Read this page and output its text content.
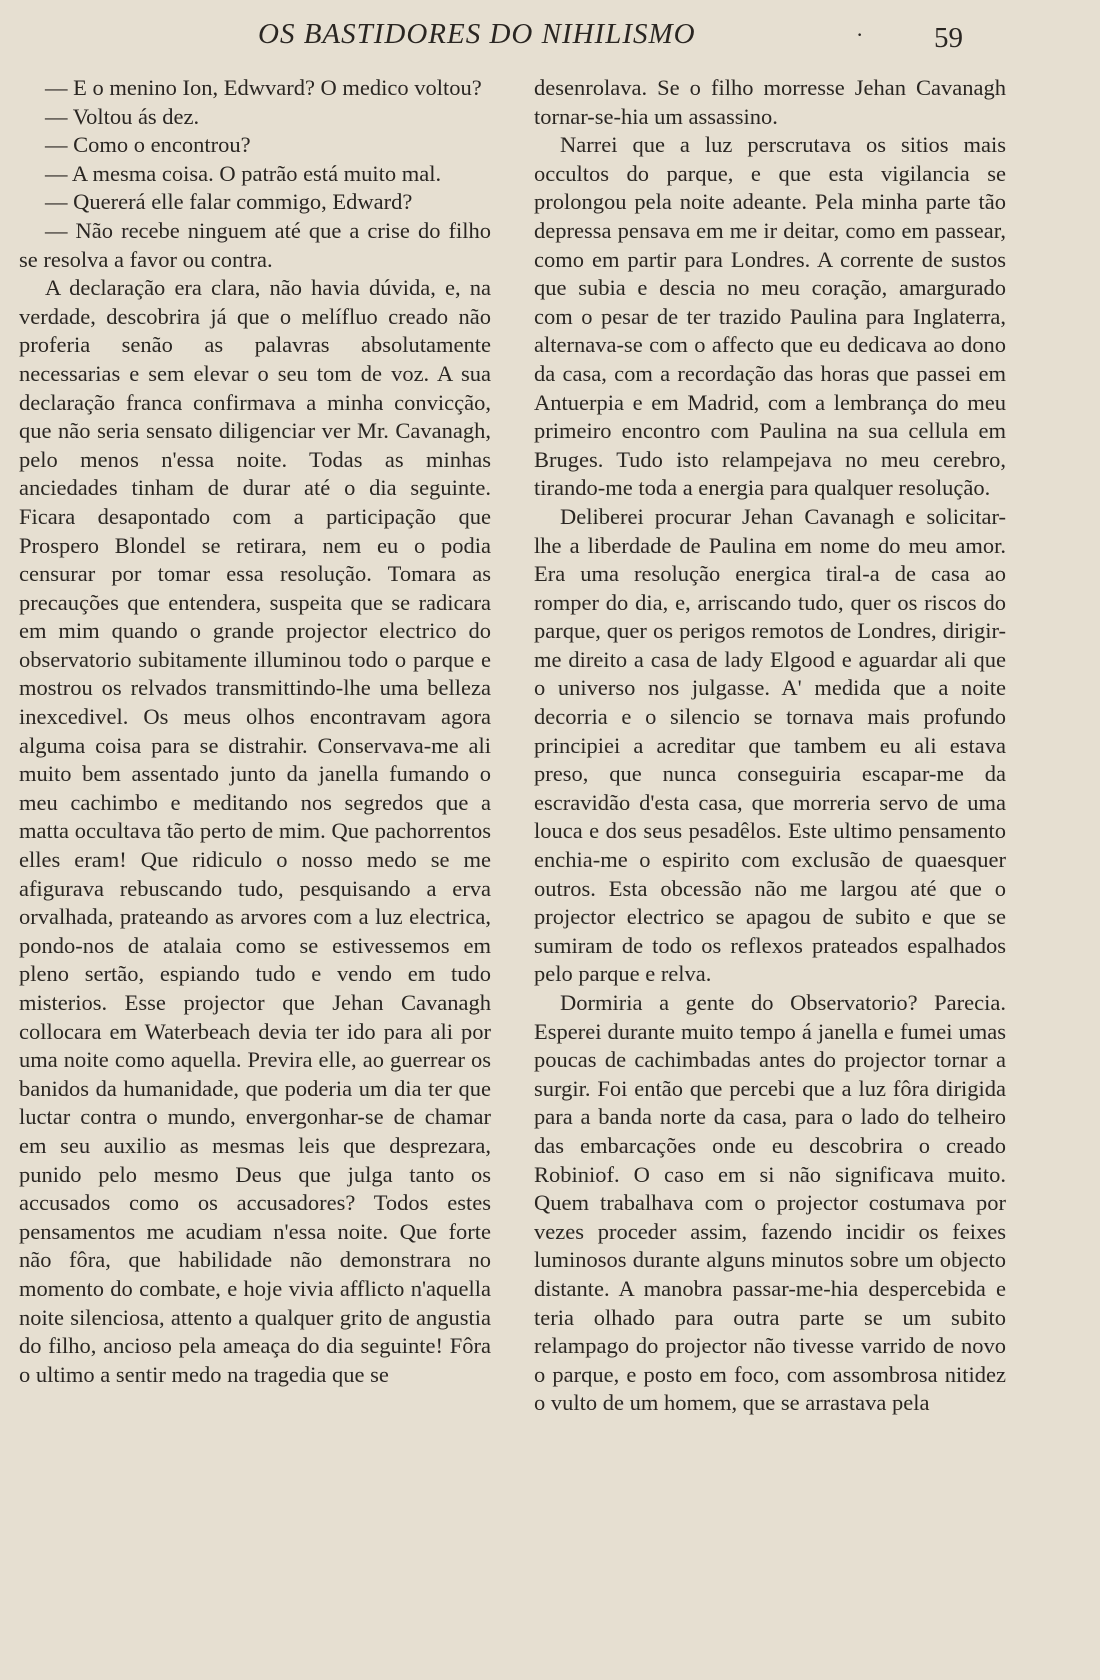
OS BASTIDORES DO NIHILISMO	· 59

— E o menino Ion, Edwvard? O medico voltou?

— Voltou ás dez.

— Como o encontrou?

— A mesma coisa. O patrão está muito mal.

— Quererá elle falar commigo, Edward?

— Não recebe ninguem até que a crise do filho se resolva a favor ou contra.

A declaração era clara, não havia dúvida, e, na verdade, descobrira já que o melífluo creado não proferia senão as palavras absolutamente necessarias e sem elevar o seu tom de voz. A sua declaração franca confirmava a minha convicção, que não seria sensato diligenciar ver Mr. Cavanagh, pelo menos n'essa noite. Todas as minhas anciedades tinham de durar até o dia seguinte. Ficara desapontado com a participação que Prospero Blondel se retirara, nem eu o podia censurar por tomar essa resolução. Tomara as precauções que entendera, suspeita que se radicara em mim quando o grande projector electrico do observatorio subitamente illuminou todo o parque e mostrou os relvados transmittindo-lhe uma belleza inexcedivel. Os meus olhos encontravam agora alguma coisa para se distrahir. Conservava-me ali muito bem assentado junto da janella fumando o meu cachimbo e meditando nos segredos que a matta occultava tão perto de mim. Que pachorrentos elles eram! Que ridiculo o nosso medo se me afigurava rebuscando tudo, pesquisando a erva orvalhada, prateando as arvores com a luz electrica, pondo-nos de atalaia como se estivessemos em pleno sertão, espiando tudo e vendo em tudo misterios. Esse projector que Jehan Cavanagh collocara em Waterbeach devia ter ido para ali por uma noite como aquella. Previra elle, ao guerrear os banidos da humanidade, que poderia um dia ter que luctar contra o mundo, envergonhar-se de chamar em seu auxilio as mesmas leis que desprezara, punido pelo mesmo Deus que julga tanto os accusados como os accusadores? Todos estes pensamentos me acudiam n'essa noite. Que forte não fôra, que habilidade não demonstrara no momento do combate, e hoje vivia afflicto n'aquella noite silenciosa, attento a qualquer grito de angustia do filho, ancioso pela ameaça do dia seguinte! Fôra o ultimo a sentir medo na tragedia que se

desenrolava. Se o filho morresse Jehan Cavanagh tornar-se-hia um assassino.

Narrei que a luz perscrutava os sitios mais occultos do parque, e que esta vigilancia se prolongou pela noite adeante. Pela minha parte tão depressa pensava em me ir deitar, como em passear, como em partir para Londres. A corrente de sustos que subia e descia no meu coração, amargurado com o pesar de ter trazido Paulina para Inglaterra, alternava-se com o affecto que eu dedicava ao dono da casa, com a recordação das horas que passei em Antuerpia e em Madrid, com a lembrança do meu primeiro encontro com Paulina na sua cellula em Bruges. Tudo isto relampejava no meu cerebro, tirando-me toda a energia para qualquer resolução.

Deliberei procurar Jehan Cavanagh e solicitar-lhe a liberdade de Paulina em nome do meu amor. Era uma resolução energica tiral-a de casa ao romper do dia, e, arriscando tudo, quer os riscos do parque, quer os perigos remotos de Londres, dirigir-me direito a casa de lady Elgood e aguardar ali que o universo nos julgasse. A' medida que a noite decorria e o silencio se tornava mais profundo principiei a acreditar que tambem eu ali estava preso, que nunca conseguiria escapar-me da escravidão d'esta casa, que morreria servo de uma louca e dos seus pesadêlos. Este ultimo pensamento enchia-me o espirito com exclusão de quaesquer outros. Esta obcessão não me largou até que o projector electrico se apagou de subito e que se sumiram de todo os reflexos prateados espalhados pelo parque e relva.

Dormiria a gente do Observatorio? Parecia. Esperei durante muito tempo á janella e fumei umas poucas de cachimbadas antes do projector tornar a surgir. Foi então que percebi que a luz fôra dirigida para a banda norte da casa, para o lado do telheiro das embarcações onde eu descobrira o creado Robiniof. O caso em si não significava muito. Quem trabalhava com o projector costumava por vezes proceder assim, fazendo incidir os feixes luminosos durante alguns minutos sobre um objecto distante. A manobra passar-me-hia despercebida e teria olhado para outra parte se um subito relampago do projector não tivesse varrido de novo o parque, e posto em foco, com assombrosa nitidez o vulto de um homem, que se arrastava pela
